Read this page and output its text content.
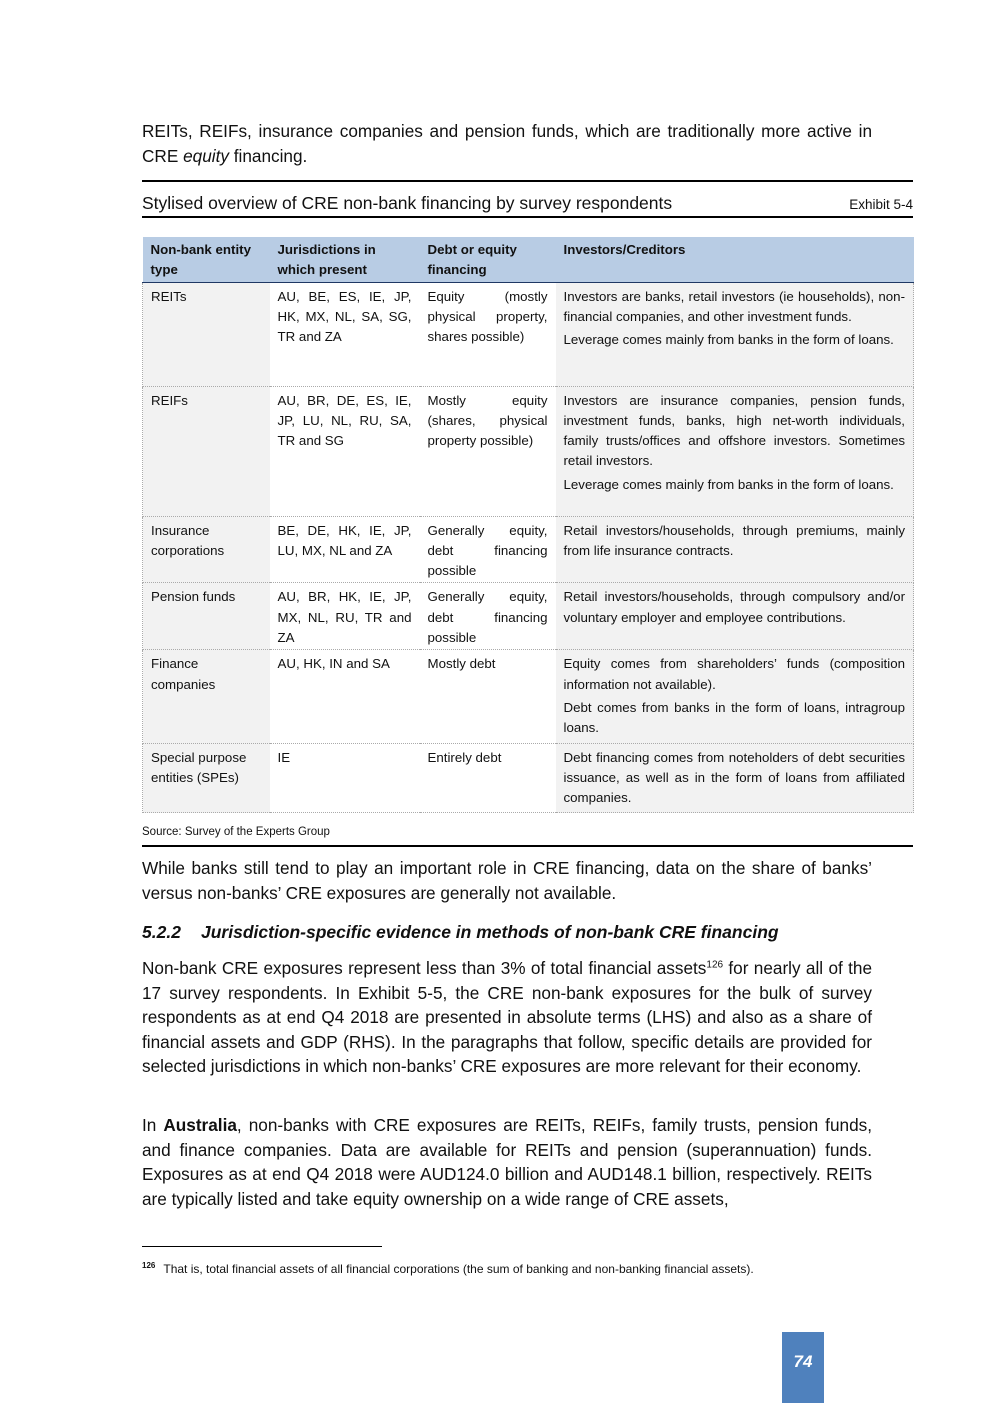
REITs, REIFs, insurance companies and pension funds, which are traditionally more active in CRE equity financing.

Stylised overview of CRE non-bank financing by survey respondents	Exhibit 5-4
Non-bank entity type	Jurisdictions in which present	Debt or equity financing	Investors/Creditors
REITs	AU, BE, ES, IE, JP, HK, MX, NL, SA, SG, TR and ZA	Equity (mostly physical property, shares possible)	Investors are banks, retail investors (ie households), non-financial companies, and other investment funds.

Leverage comes mainly from banks in the form of loans.

REIFs	AU, BR, DE, ES, IE, JP, LU, NL, RU, SA, TR and SG	Mostly equity (shares, physical property possible)	Investors are insurance companies, pension funds, investment funds, banks, high net-worth individuals, family trusts/offices and offshore investors. Sometimes retail investors.

Leverage comes mainly from banks in the form of loans.

Insurance corporations	BE, DE, HK, IE, JP, LU, MX, NL and ZA	Generally equity, debt financing possible	Retail investors/households, through premiums, mainly from life insurance contracts.

Pension funds	AU, BR, HK, IE, JP, MX, NL, RU, TR and ZA	Generally equity, debt financing possible	Retail investors/households, through compulsory and/or voluntary employer and employee contributions.

Finance companies	AU, HK, IN and SA	Mostly debt	Equity comes from shareholders’ funds (composition information not available).

Debt comes from banks in the form of loans, intragroup loans.

Special purpose entities (SPEs)	IE	Entirely debt	Debt financing comes from noteholders of debt securities issuance, as well as in the form of loans from affiliated companies.

Source: Survey of the Experts Group

While banks still tend to play an important role in CRE financing, data on the share of banks’ versus non-banks’ CRE exposures are generally not available.

5.2.2 Jurisdiction-specific evidence in methods of non-bank CRE financing

Non-bank CRE exposures represent less than 3% of total financial assets$^{126}$ for nearly all of the 17 survey respondents. In Exhibit 5-5, the CRE non-bank exposures for the bulk of survey respondents as at end Q4 2018 are presented in absolute terms (LHS) and also as a share of financial assets and GDP (RHS). In the paragraphs that follow, specific details are provided for selected jurisdictions in which non-banks’ CRE exposures are more relevant for their economy.

In Australia, non-banks with CRE exposures are REITs, REIFs, family trusts, pension funds, and finance companies. Data are available for REITs and pension (superannuation) funds. Exposures as at end Q4 2018 were AUD124.0 billion and AUD148.1 billion, respectively. REITs are typically listed and take equity ownership on a wide range of CRE assets,

$^{126}$ That is, total financial assets of all financial corporations (the sum of banking and non-banking financial assets).
74
